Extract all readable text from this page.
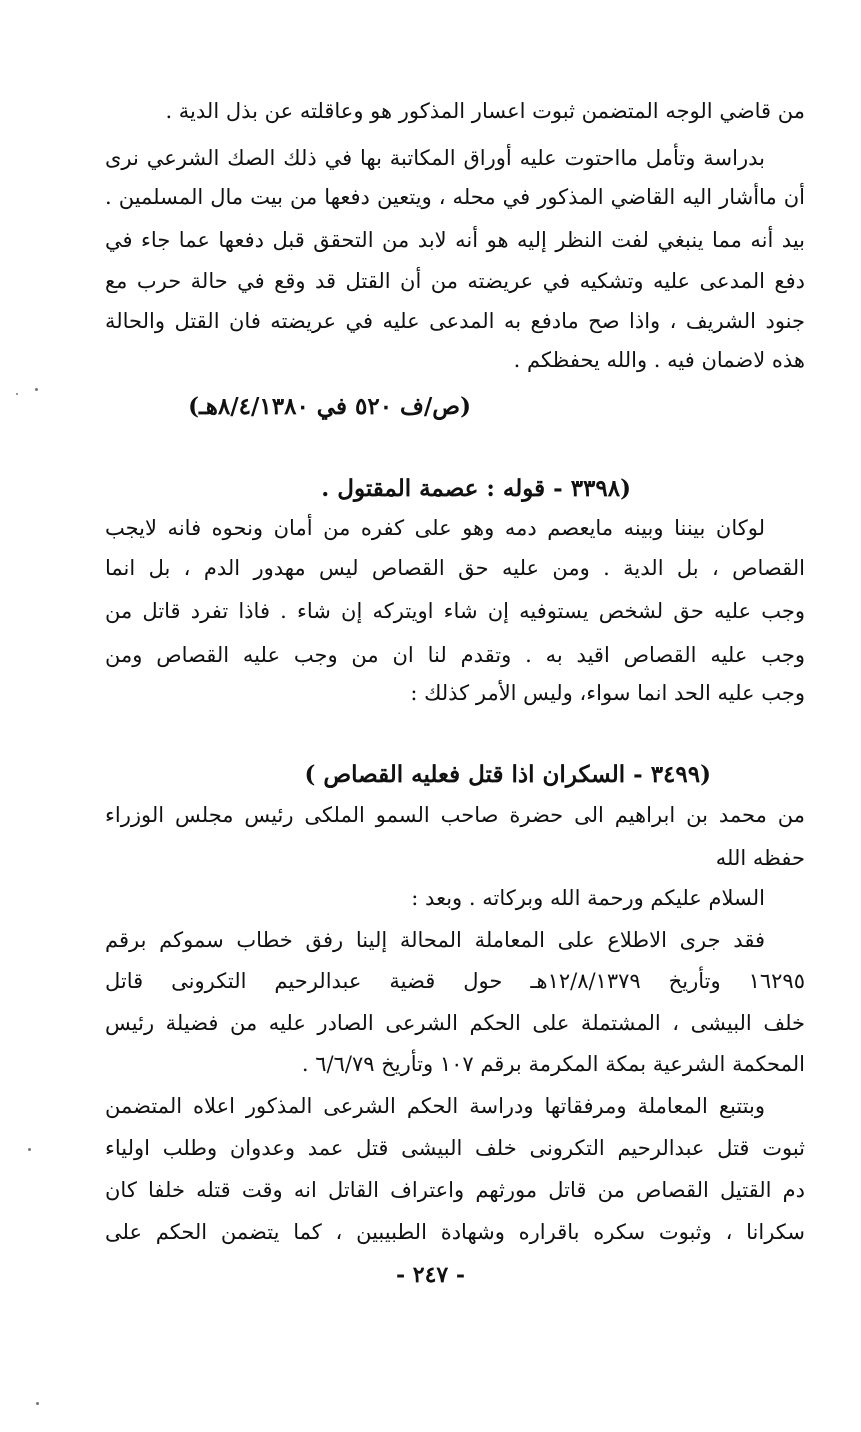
من قاضي الوجه المتضمن ثبوت اعسار المذكور هو وعاقلته عن بذل الدية .
بدراسة وتأمل مااحتوت عليه أوراق المكاتبة بها في ذلك الصك الشرعي نرى
أن ماأشار اليه القاضي المذكور في محله ، ويتعين دفعها من بيت مال المسلمين .
بيد أنه مما ينبغي لفت النظر إليه هو أنه لابد من التحقق قبل دفعها عما جاء في
دفع المدعى عليه وتشكيه في عريضته من أن القتل قد وقع في حالة حرب مع
جنود الشريف ، واذا صح مادفع به المدعى عليه في عريضته فان القتل والحالة
هذه لاضمان فيه . والله يحفظكم .
(ص/ف ٥٢٠ في ٨/٤/١٣٨٠هـ)
(٣٣٩٨ - قوله : عصمة المقتول .
لوكان بيننا وبينه مايعصم دمه وهو على كفره من أمان ونحوه فانه لايجب
القصاص ، بل الدية . ومن عليه حق القصاص ليس مهدور الدم ، بل انما
وجب عليه حق لشخص يستوفيه إن شاء اويتركه إن شاء . فاذا تفرد قاتل من
وجب عليه القصاص اقيد به . وتقدم لنا ان من وجب عليه القصاص ومن
وجب عليه الحد انما سواء، وليس الأمر كذلك :
(٣٤٩٩ - السكران اذا قتل فعليه القصاص )
من محمد بن ابراهيم الى حضرة صاحب السمو الملكى رئيس مجلس الوزراء
حفظه الله
السلام عليكم ورحمة الله وبركاته . وبعد :
فقد جرى الاطلاع على المعاملة المحالة إلينا رفق خطاب سموكم برقم
١٦٢٩٥ وتأريخ ١٢/٨/١٣٧٩هـ حول قضية عبدالرحيم التكرونى قاتل
خلف البيشى ، المشتملة على الحكم الشرعى الصادر عليه من فضيلة رئيس
المحكمة الشرعية بمكة المكرمة برقم ١٠٧ وتأريخ ٦/٦/٧٩ .
وبتتبع المعاملة ومرفقاتها ودراسة الحكم الشرعى المذكور اعلاه المتضمن
ثبوت قتل عبدالرحيم التكرونى خلف البيشى قتل عمد وعدوان وطلب اولياء
دم القتيل القصاص من قاتل مورثهم واعتراف القاتل انه وقت قتله خلفا كان
سكرانا ، وثبوت سكره باقراره وشهادة الطبيبين ، كما يتضمن الحكم على
- ٢٤٧ -
